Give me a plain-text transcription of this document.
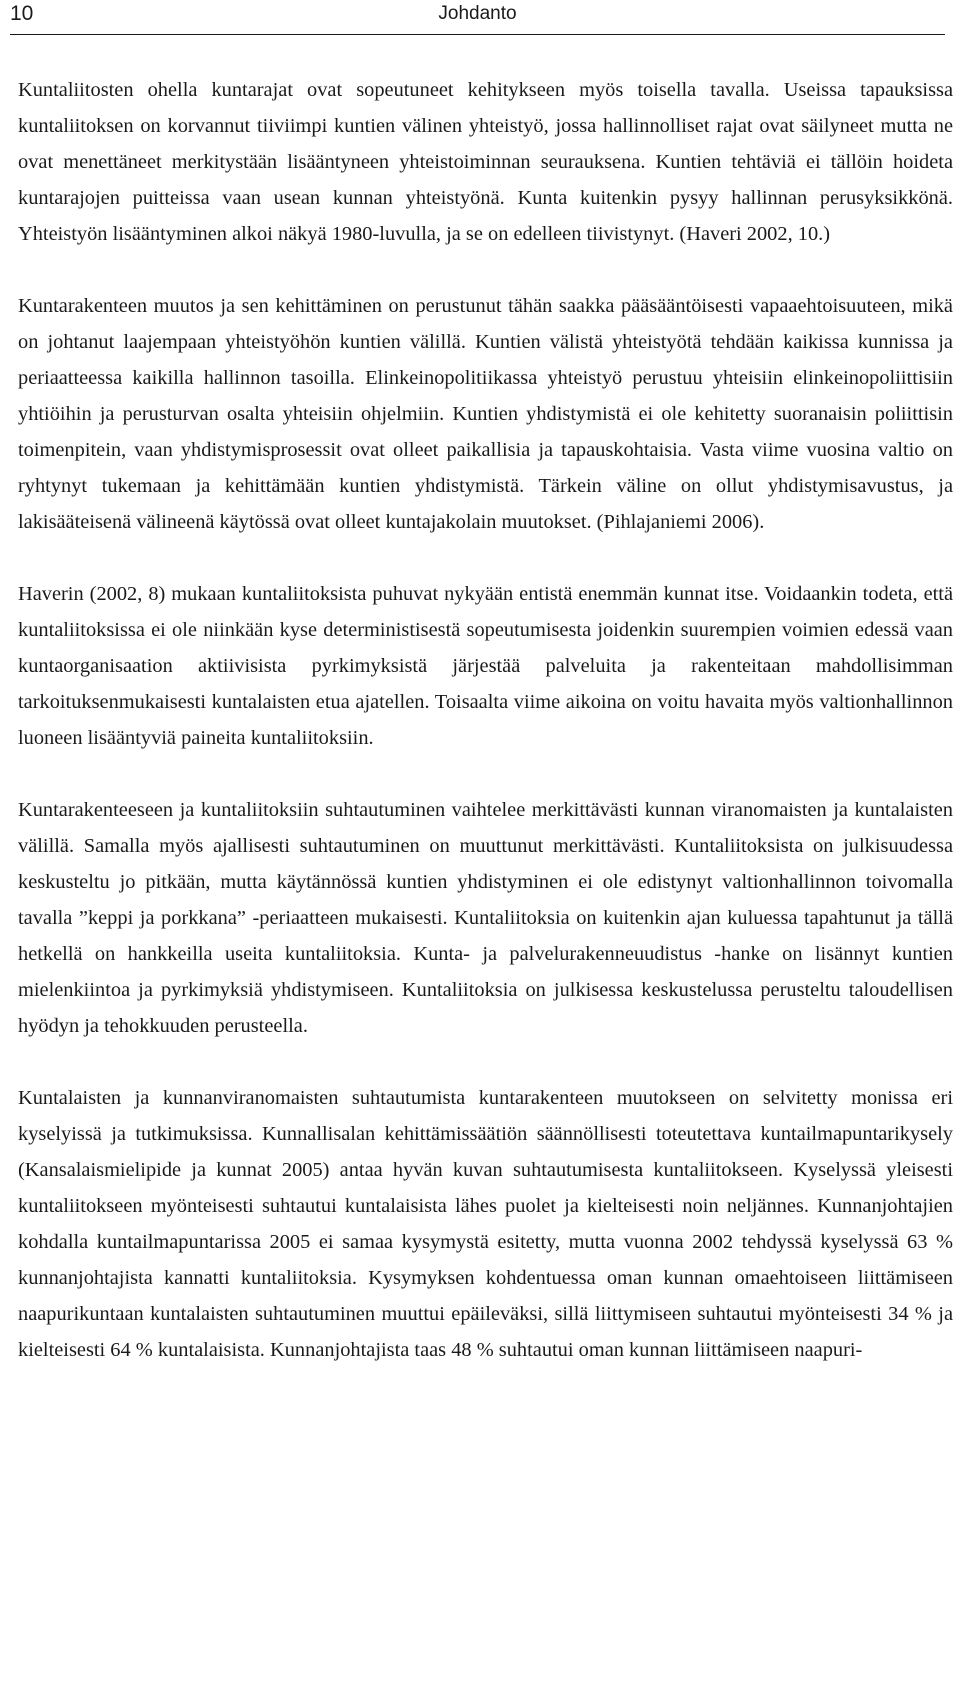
10	Johdanto

Kuntaliitosten ohella kuntarajat ovat sopeutuneet kehitykseen myös toisella tavalla. Useissa tapauksissa kuntaliitoksen on korvannut tiiviimpi kuntien välinen yhteistyö, jossa hallinnolliset rajat ovat säilyneet mutta ne ovat menettäneet merkitystään lisääntyneen yhteistoiminnan seurauksena. Kuntien tehtäviä ei tällöin hoideta kuntarajojen puitteissa vaan usean kunnan yhteistyönä. Kunta kuitenkin pysyy hallinnan perusyksikkönä. Yhteistyön lisääntyminen alkoi näkyä 1980-luvulla, ja se on edelleen tiivistynyt. (Haveri 2002, 10.)

Kuntarakenteen muutos ja sen kehittäminen on perustunut tähän saakka pääsääntöisesti vapaaehtoisuuteen, mikä on johtanut laajempaan yhteistyöhön kuntien välillä. Kuntien välistä yhteistyötä tehdään kaikissa kunnissa ja periaatteessa kaikilla hallinnon tasoilla. Elinkeinopolitiikassa yhteistyö perustuu yhteisiin elinkeinopoliittisiin yhtiöihin ja perusturvan osalta yhteisiin ohjelmiin. Kuntien yhdistymistä ei ole kehitetty suoranaisin poliittisin toimenpitein, vaan yhdistymisprosessit ovat olleet paikallisia ja tapauskohtaisia. Vasta viime vuosina valtio on ryhtynyt tukemaan ja kehittämään kuntien yhdistymistä. Tärkein väline on ollut yhdistymisavustus, ja lakisääteisenä välineenä käytössä ovat olleet kuntajakolain muutokset. (Pihlajaniemi 2006).

Haverin (2002, 8) mukaan kuntaliitoksista puhuvat nykyään entistä enemmän kunnat itse. Voidaankin todeta, että kuntaliitoksissa ei ole niinkään kyse deterministisestä sopeutumisesta joidenkin suurempien voimien edessä vaan kuntaorganisaation aktiivisista pyrkimyksistä järjestää palveluita ja rakenteitaan mahdollisimman tarkoituksenmukaisesti kuntalaisten etua ajatellen. Toisaalta viime aikoina on voitu havaita myös valtionhallinnon luoneen lisääntyviä paineita kuntaliitoksiin.

Kuntarakenteeseen ja kuntaliitoksiin suhtautuminen vaihtelee merkittävästi kunnan viranomaisten ja kuntalaisten välillä. Samalla myös ajallisesti suhtautuminen on muuttunut merkittävästi. Kuntaliitoksista on julkisuudessa keskusteltu jo pitkään, mutta käytännössä kuntien yhdistyminen ei ole edistynyt valtionhallinnon toivomalla tavalla ”keppi ja porkkana” -periaatteen mukaisesti. Kuntaliitoksia on kuitenkin ajan kuluessa tapahtunut ja tällä hetkellä on hankkeilla useita kuntaliitoksia. Kunta- ja palvelurakenneuudistus -hanke on lisännyt kuntien mielenkiintoa ja pyrkimyksiä yhdistymiseen. Kuntaliitoksia on julkisessa keskustelussa perusteltu taloudellisen hyödyn ja tehokkuuden perusteella.

Kuntalaisten ja kunnanviranomaisten suhtautumista kuntarakenteen muutokseen on selvitetty monissa eri kyselyissä ja tutkimuksissa. Kunnallisalan kehittämissäätiön säännöllisesti toteutettava kuntailmapuntarikysely (Kansalaismielipide ja kunnat 2005) antaa hyvän kuvan suhtautumisesta kuntaliitokseen. Kyselyssä yleisesti kuntaliitokseen myönteisesti suhtautui kuntalaisista lähes puolet ja kielteisesti noin neljännes. Kunnanjohtajien kohdalla kuntailmapuntarissa 2005 ei samaa kysymystä esitetty, mutta vuonna 2002 tehdyssä kyselyssä 63 % kunnanjohtajista kannatti kuntaliitoksia. Kysymyksen kohdentuessa oman kunnan omaehtoiseen liittämiseen naapurikuntaan kuntalaisten suhtautuminen muuttui epäileväksi, sillä liittymiseen suhtautui myönteisesti 34 % ja kielteisesti 64 % kuntalaisista. Kunnanjohtajista taas 48 % suhtautui oman kunnan liittämiseen naapuri-
